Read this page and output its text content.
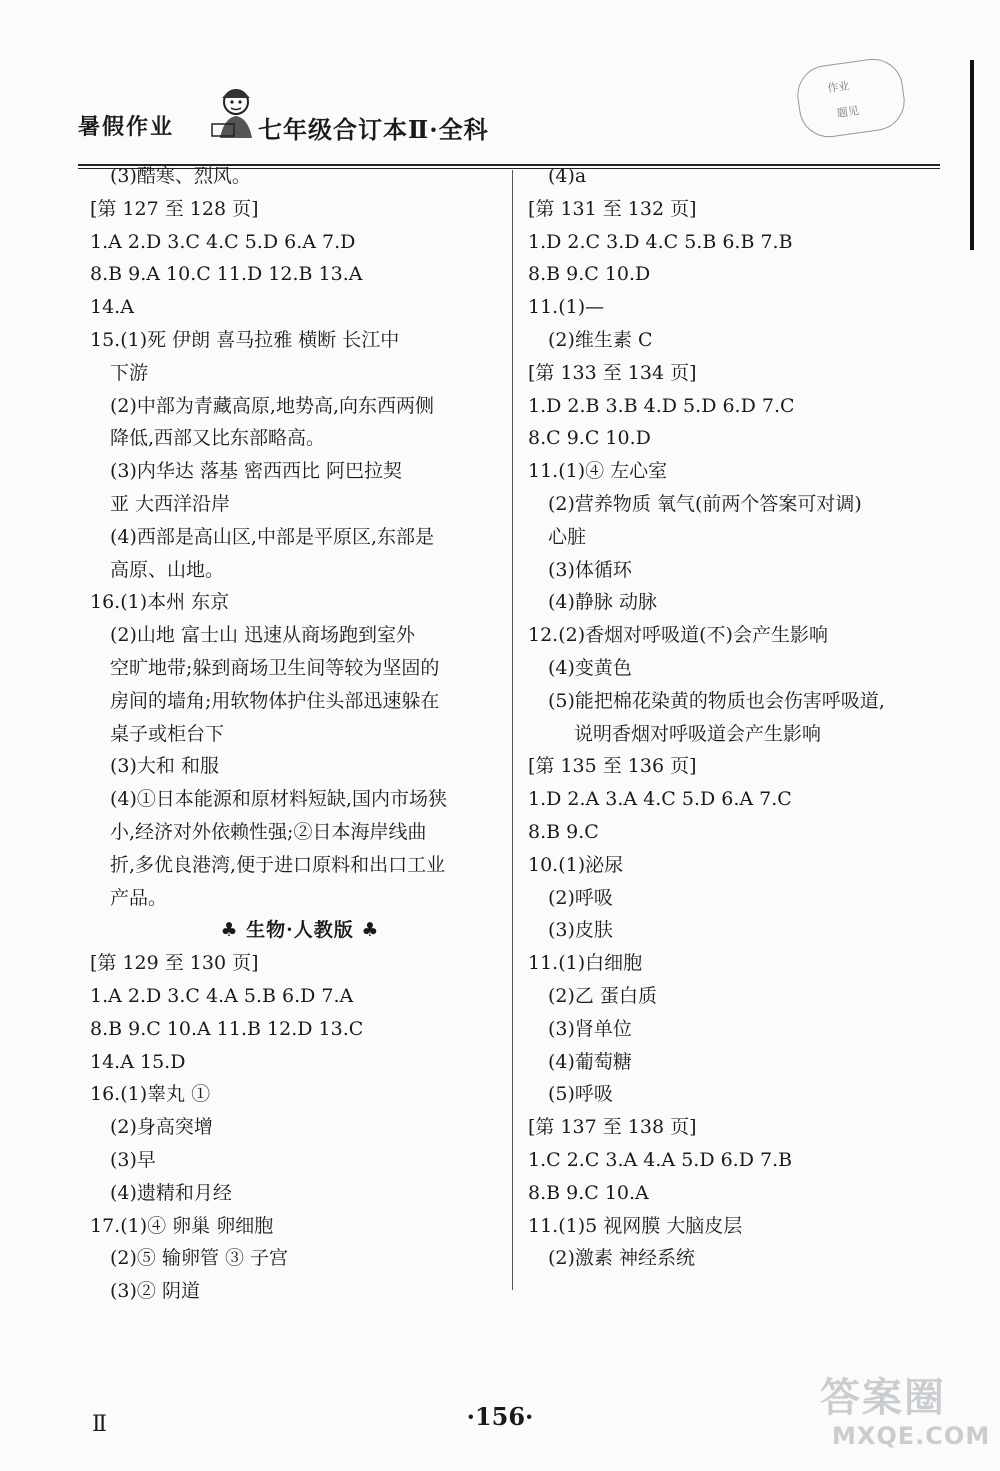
暑假作业	七年级合订本Ⅱ·全科
作业
题见
(3)酷寒、烈风。
[第 127 至 128 页]
1.A 2.D 3.C 4.C 5.D 6.A 7.D
8.B 9.A 10.C 11.D 12.B 13.A
14.A
15.(1)死 伊朗 喜马拉雅 横断 长江中
下游
(2)中部为青藏高原,地势高,向东西两侧
降低,西部又比东部略高。
(3)内华达 落基 密西西比 阿巴拉契
亚 大西洋沿岸
(4)西部是高山区,中部是平原区,东部是
高原、山地。
16.(1)本州 东京
(2)山地 富士山 迅速从商场跑到室外
空旷地带;躲到商场卫生间等较为坚固的
房间的墙角;用软物体护住头部迅速躲在
桌子或柜台下
(3)大和 和服
(4)①日本能源和原材料短缺,国内市场狭
小,经济对外依赖性强;②日本海岸线曲
折,多优良港湾,便于进口原料和出口工业
产品。
♣ 生物·人教版 ♣
[第 129 至 130 页]
1.A 2.D 3.C 4.A 5.B 6.D 7.A
8.B 9.C 10.A 11.B 12.D 13.C
14.A 15.D
16.(1)睾丸 ①
(2)身高突增
(3)早
(4)遗精和月经
17.(1)④ 卵巢 卵细胞
(2)⑤ 输卵管 ③ 子宫
(3)② 阴道
(4)a
[第 131 至 132 页]
1.D 2.C 3.D 4.C 5.B 6.B 7.B
8.B 9.C 10.D
11.(1)—
(2)维生素 C
[第 133 至 134 页]
1.D 2.B 3.B 4.D 5.D 6.D 7.C
8.C 9.C 10.D
11.(1)④ 左心室
(2)营养物质 氧气(前两个答案可对调)
心脏
(3)体循环
(4)静脉 动脉
12.(2)香烟对呼吸道(不)会产生影响
(4)变黄色
(5)能把棉花染黄的物质也会伤害呼吸道,
说明香烟对呼吸道会产生影响
[第 135 至 136 页]
1.D 2.A 3.A 4.C 5.D 6.A 7.C
8.B 9.C
10.(1)泌尿
(2)呼吸
(3)皮肤
11.(1)白细胞
(2)乙 蛋白质
(3)肾单位
(4)葡萄糖
(5)呼吸
[第 137 至 138 页]
1.C 2.C 3.A 4.A 5.D 6.D 7.B
8.B 9.C 10.A
11.(1)5 视网膜 大脑皮层
(2)激素 神经系统
Ⅱ	·156·	答案圈
MXQE.COM
